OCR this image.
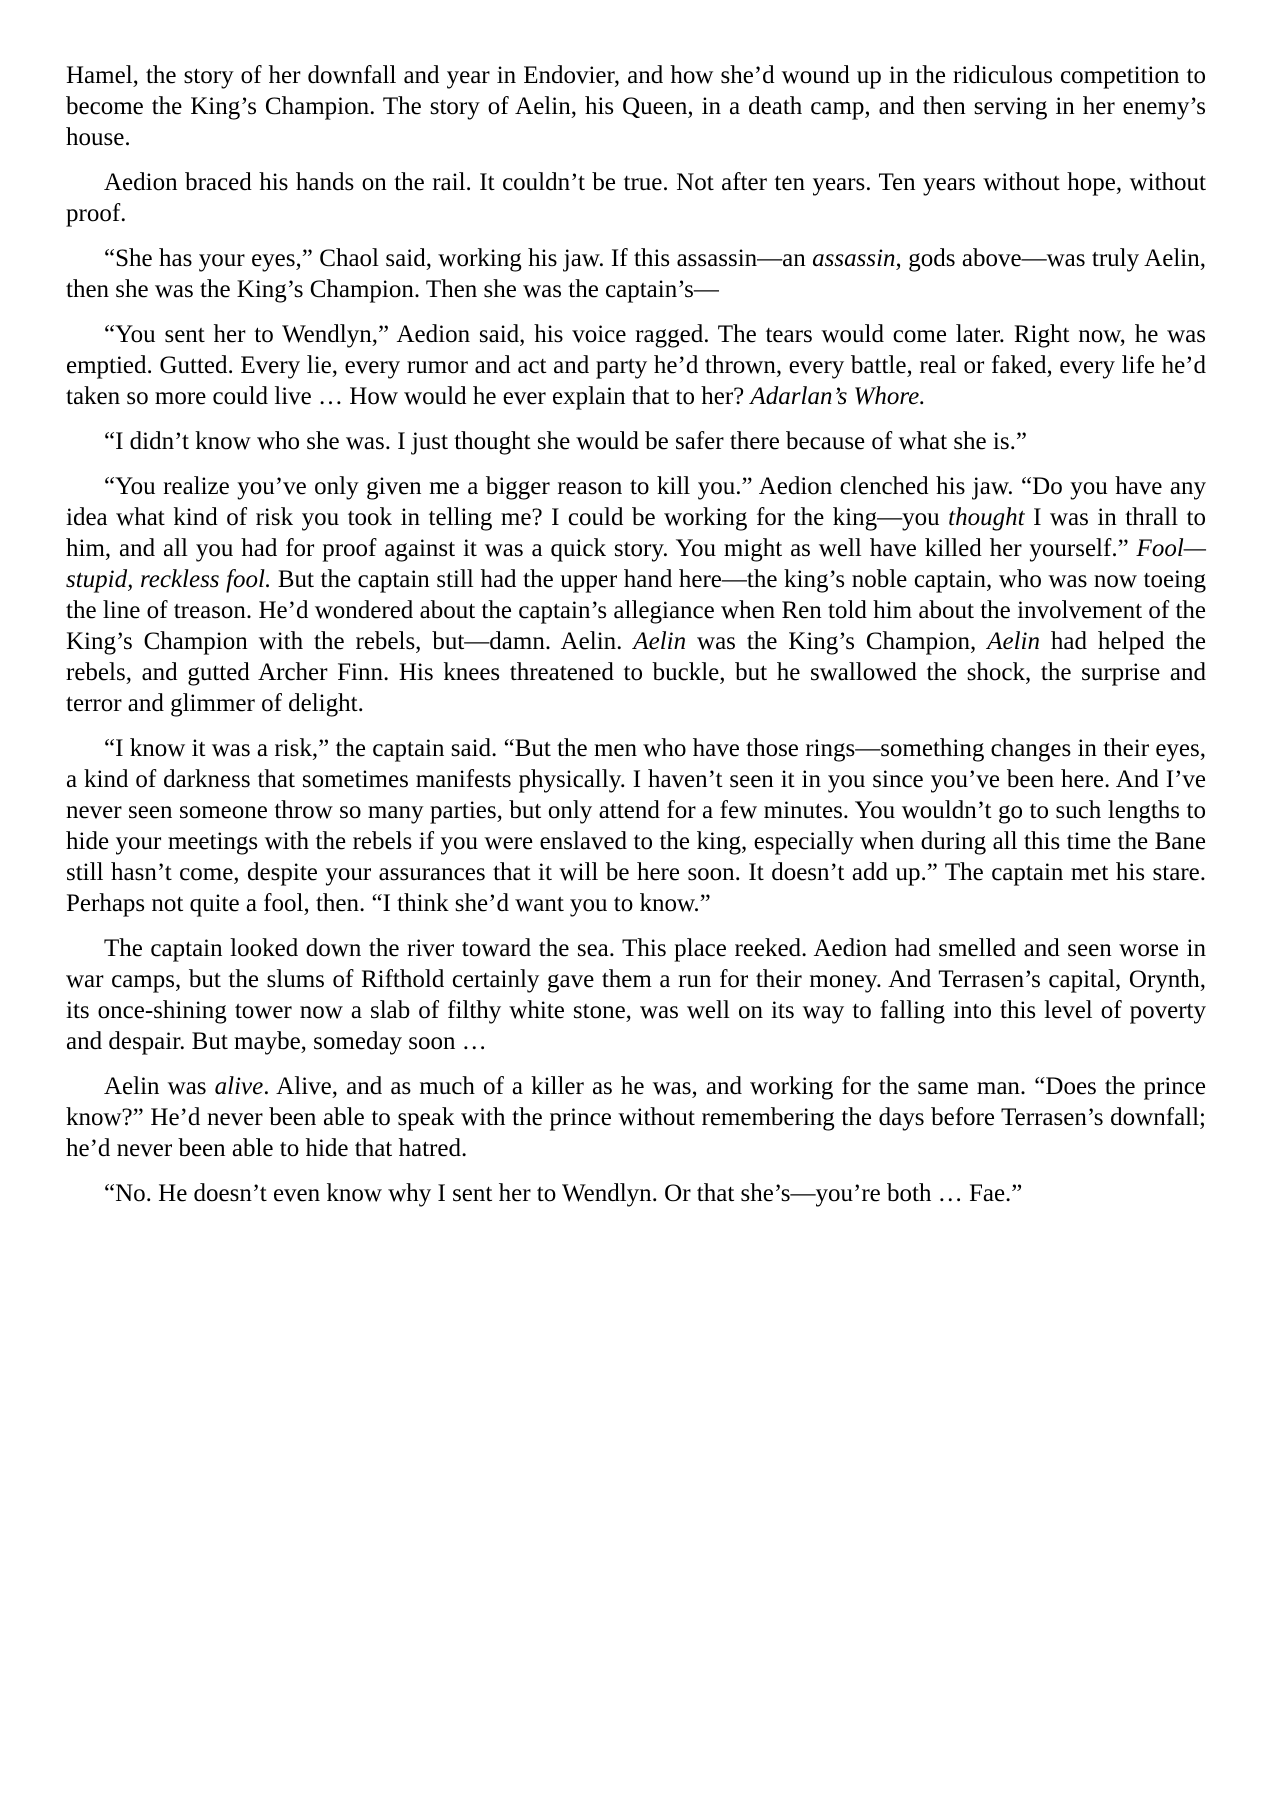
Hamel, the story of her downfall and year in Endovier, and how she’d wound up in the ridiculous competition to become the King’s Champion. The story of Aelin, his Queen, in a death camp, and then serving in her enemy’s house.

Aedion braced his hands on the rail. It couldn’t be true. Not after ten years. Ten years without hope, without proof.

“She has your eyes,” Chaol said, working his jaw. If this assassin—an assassin, gods above—was truly Aelin, then she was the King’s Champion. Then she was the captain’s—

“You sent her to Wendlyn,” Aedion said, his voice ragged. The tears would come later. Right now, he was emptied. Gutted. Every lie, every rumor and act and party he’d thrown, every battle, real or faked, every life he’d taken so more could live … How would he ever explain that to her? Adarlan’s Whore.

“I didn’t know who she was. I just thought she would be safer there because of what she is.”

“You realize you’ve only given me a bigger reason to kill you.” Aedion clenched his jaw. “Do you have any idea what kind of risk you took in telling me? I could be working for the king—you thought I was in thrall to him, and all you had for proof against it was a quick story. You might as well have killed her yourself.” Fool—stupid, reckless fool. But the captain still had the upper hand here—the king’s noble captain, who was now toeing the line of treason. He’d wondered about the captain’s allegiance when Ren told him about the involvement of the King’s Champion with the rebels, but—damn. Aelin. Aelin was the King’s Champion, Aelin had helped the rebels, and gutted Archer Finn. His knees threatened to buckle, but he swallowed the shock, the surprise and terror and glimmer of delight.

“I know it was a risk,” the captain said. “But the men who have those rings—something changes in their eyes, a kind of darkness that sometimes manifests physically. I haven’t seen it in you since you’ve been here. And I’ve never seen someone throw so many parties, but only attend for a few minutes. You wouldn’t go to such lengths to hide your meetings with the rebels if you were enslaved to the king, especially when during all this time the Bane still hasn’t come, despite your assurances that it will be here soon. It doesn’t add up.” The captain met his stare. Perhaps not quite a fool, then. “I think she’d want you to know.”

The captain looked down the river toward the sea. This place reeked. Aedion had smelled and seen worse in war camps, but the slums of Rifthold certainly gave them a run for their money. And Terrasen’s capital, Orynth, its once-shining tower now a slab of filthy white stone, was well on its way to falling into this level of poverty and despair. But maybe, someday soon …

Aelin was alive. Alive, and as much of a killer as he was, and working for the same man. “Does the prince know?” He’d never been able to speak with the prince without remembering the days before Terrasen’s downfall; he’d never been able to hide that hatred.

“No. He doesn’t even know why I sent her to Wendlyn. Or that she’s—you’re both … Fae.”
